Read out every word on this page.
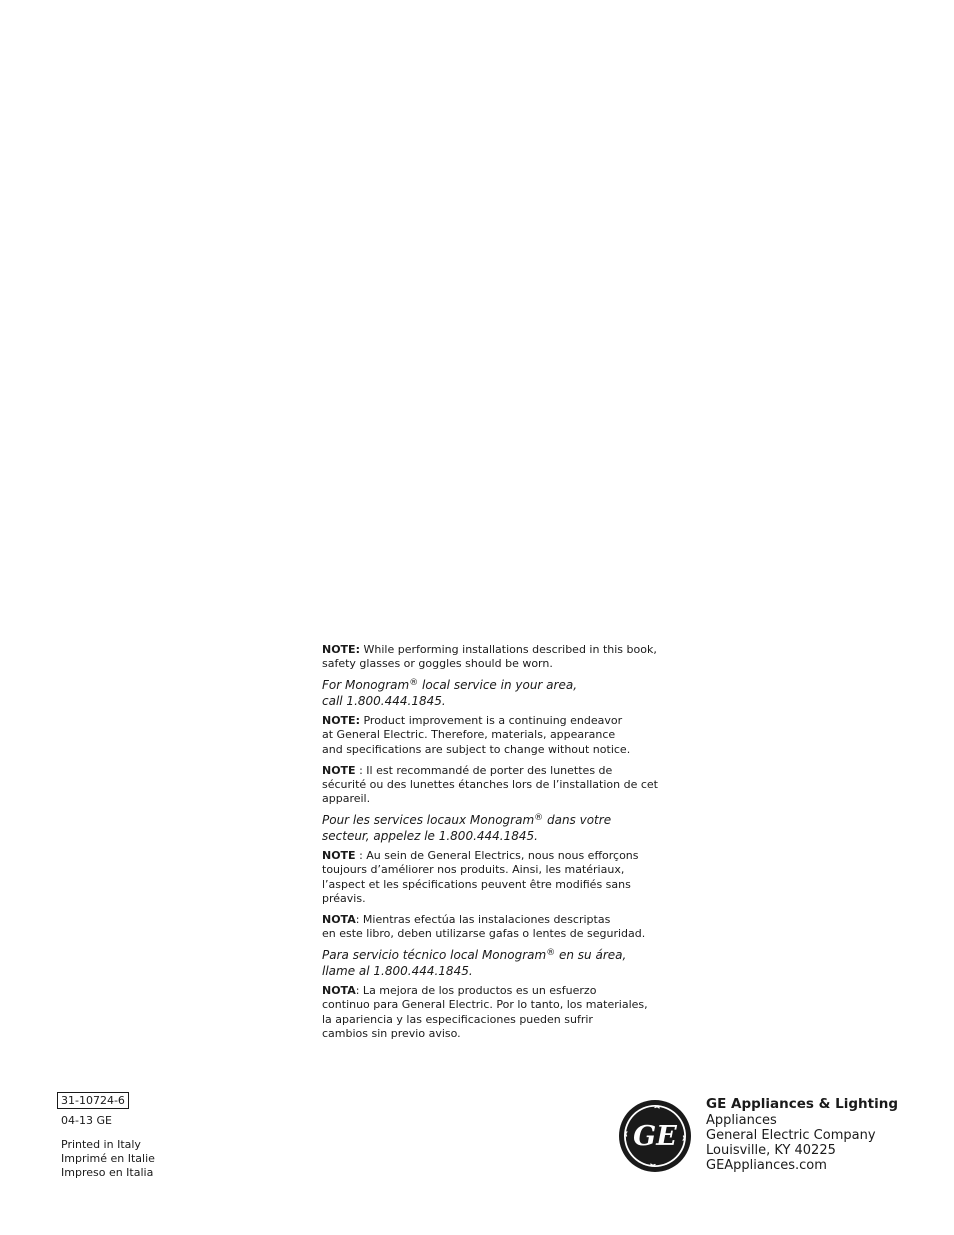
NOTE: While performing installations described in this book,
safety glasses or goggles should be worn.

For Monogram® local service in your area,
call 1.800.444.1845.

NOTE: Product improvement is a continuing endeavor
at General Electric. Therefore, materials, appearance
and specifications are subject to change without notice.

NOTE : Il est recommandé de porter des lunettes de
sécurité ou des lunettes étanches lors de l’installation de cet
appareil.

Pour les services locaux Monogram® dans votre
secteur, appelez le 1.800.444.1845.

NOTE : Au sein de General Electrics, nous nous efforçons
toujours d’améliorer nos produits. Ainsi, les matériaux,
l’aspect et les spécifications peuvent être modifiés sans
préavis.

NOTA: Mientras efectúa las instalaciones descriptas
en este libro, deben utilizarse gafas o lentes de seguridad.

Para servicio técnico local Monogram® en su área,
llame al 1.800.444.1845.

NOTA: La mejora de los productos es un esfuerzo
continuo para General Electric. Por lo tanto, los materiales,
la apariencia y las especificaciones pueden sufrir
cambios sin previo aviso.

31-10724-6
04-13 GE
Printed in Italy
Imprimé en Italie
Impreso en Italia
GE
GE Appliances & Lighting
Appliances
General Electric Company
Louisville, KY 40225
GEAppliances.com
